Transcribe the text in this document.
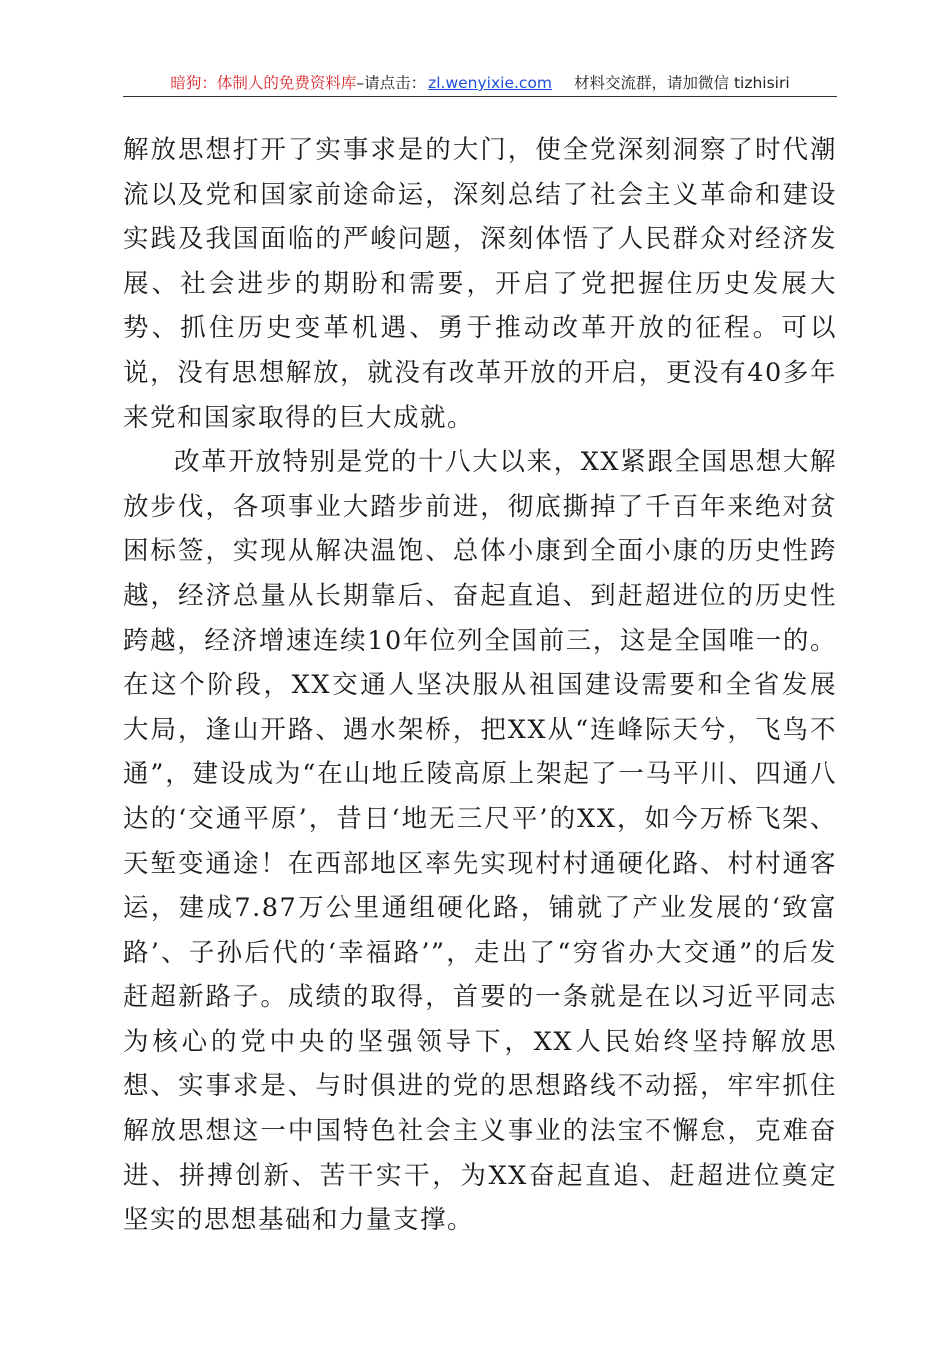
暗狗：体制人的免费资料库 –请点击： zl.wenyixie.com 材料交流群，请加微信 tizhisiri

解放思想打开了实事求是的大门，使全党深刻洞察了时代潮流以及党和国家前途命运，深刻总结了社会主义革命和建设实践及我国面临的严峻问题，深刻体悟了人民群众对经济发展、社会进步的期盼和需要，开启了党把握住历史发展大势、抓住历史变革机遇、勇于推动改革开放的征程。可以说，没有思想解放，就没有改革开放的开启，更没有40多年来党和国家取得的巨大成就。

改革开放特别是党的十八大以来，XX紧跟全国思想大解放步伐，各项事业大踏步前进，彻底撕掉了千百年来绝对贫困标签，实现从解决温饱、总体小康到全面小康的历史性跨越，经济总量从长期靠后、奋起直追、到赶超进位的历史性跨越，经济增速连续10年位列全国前三，这是全国唯一的。在这个阶段，XX交通人坚决服从祖国建设需要和全省发展大局，逢山开路、遇水架桥，把XX从“连峰际天兮，飞鸟不通”，建设成为“在山地丘陵高原上架起了一马平川、四通八达的‘交通平原’，昔日‘地无三尺平’的XX，如今万桥飞架、天堑变通途！在西部地区率先实现村村通硬化路、村村通客运，建成7.87万公里通组硬化路，铺就了产业发展的‘致富路’、子孙后代的‘幸福路’”，走出了“穷省办大交通”的后发赶超新路子。成绩的取得，首要的一条就是在以习近平同志为核心的党中央的坚强领导下，XX人民始终坚持解放思想、实事求是、与时俱进的党的思想路线不动摇，牢牢抓住解放思想这一中国特色社会主义事业的法宝不懈怠，克难奋进、拼搏创新、苦干实干，为XX奋起直追、赶超进位奠定坚实的思想基础和力量支撑。
